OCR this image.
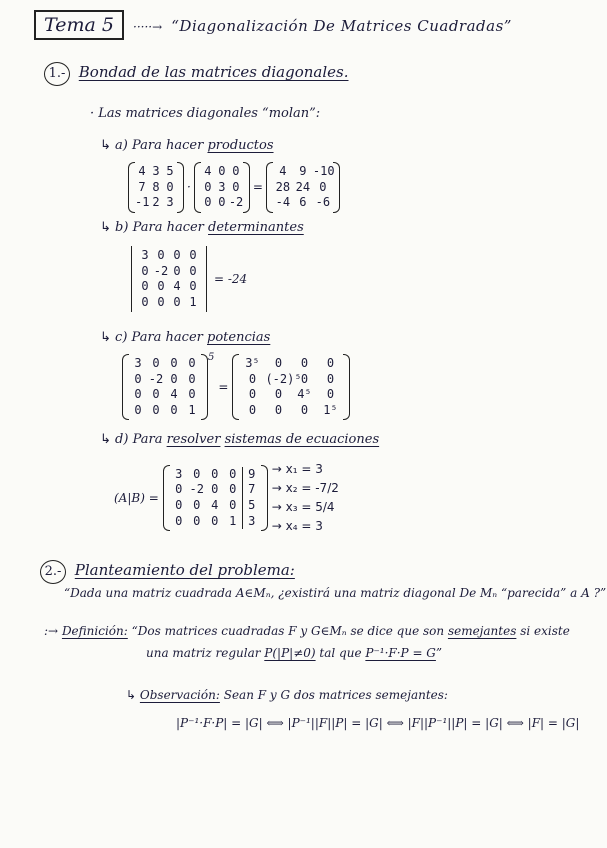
Tema 5 ·····→ “Diagonalización De Matrices Cuadradas”
1.- Bondad de las matrices diagonales.
· Las matrices diagonales “molan”:
↳ a) Para hacer productos
4 3 5
7 8 0
-1 2 3
·
4 0 0
0 3 0
0 0 -2
=
4	9 -10
28 24 0
-4 6 -6
↳ b) Para hacer determinantes
3 0 0 0
0 -2 0 0
0 0 4 0
0 0 0 1
= -24
↳ c) Para hacer potencias
3 0 0 0
0 -2 0 0
0 0 4 0
0 0 0 1
$^5$
=
3⁵	0	0	0
0 (-2)⁵ 0	0
0	0	4⁵	0
0	0	0	1⁵
↳ d) Para resolver sistemas de ecuaciones
(A|B) =
3 0 0 0 9
0 -2 0 0 7
0 0 4 0 5
0 0 0 1 3
→ x₁ = 3
→ x₂ = -7/2
→ x₃ = 5/4
→ x₄ = 3
2.- Planteamiento del problema:
“Dada una matriz cuadrada A∈Mₙ, ¿existirá una matriz diagonal De Mₙ “parecida” a A ?”
:→ Definición: “Dos matrices cuadradas F y G∈Mₙ se dice que son semejantes si existe
una matriz regular P(|P|≠0) tal que P⁻¹·F·P = G”
↳ Observación: Sean F y G dos matrices semejantes:
|P⁻¹·F·P| = |G| ⟺ |P⁻¹||F||P| = |G| ⟺ |F||P⁻¹||P| = |G| ⟺ |F| = |G|
